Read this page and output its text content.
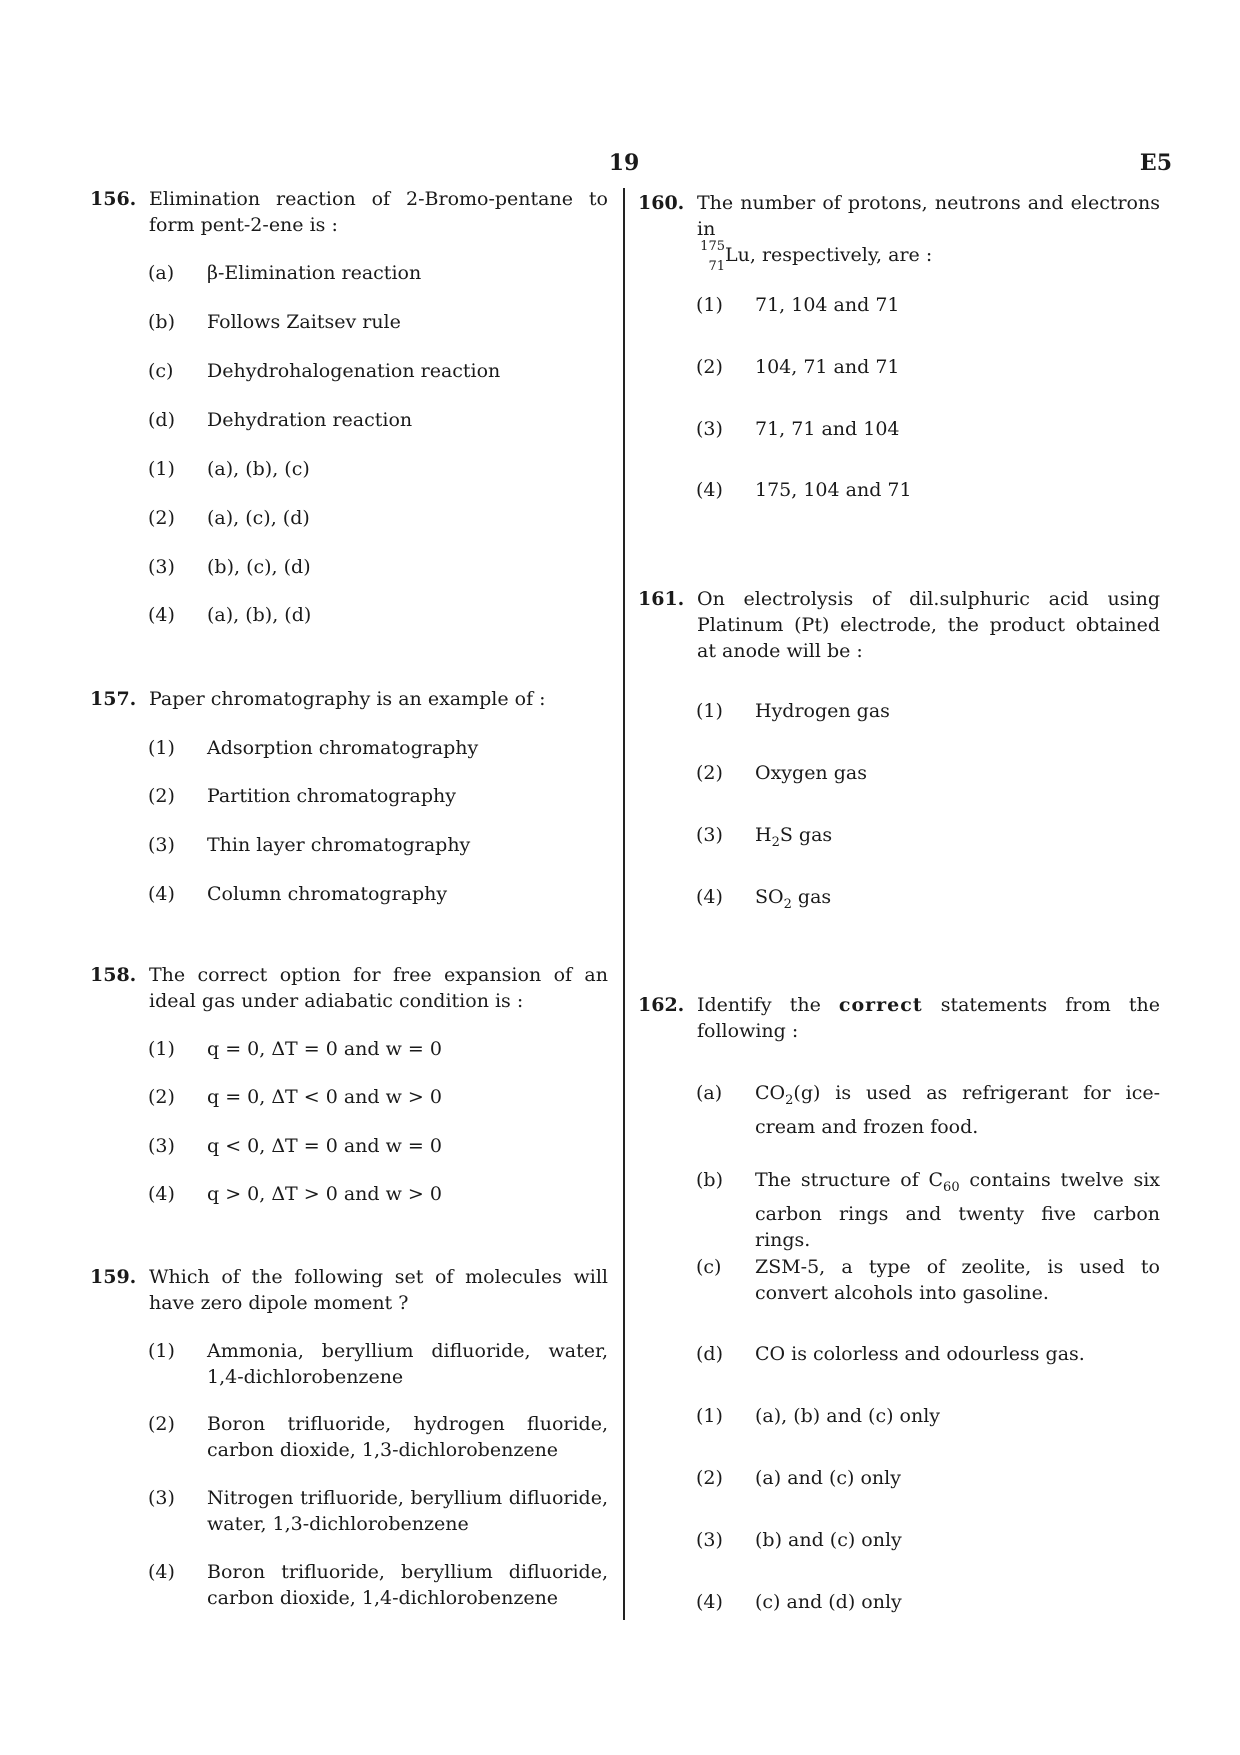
19	E5
156. Elimination reaction of 2-Bromo-pentane to form pent-2-ene is :
(a) β-Elimination reaction
(b) Follows Zaitsev rule
(c) Dehydrohalogenation reaction
(d) Dehydration reaction
(1) (a), (b), (c)
(2) (a), (c), (d)
(3) (b), (c), (d)
(4) (a), (b), (d)
157. Paper chromatography is an example of :
(1) Adsorption chromatography
(2) Partition chromatography
(3) Thin layer chromatography
(4) Column chromatography
158. The correct option for free expansion of an ideal gas under adiabatic condition is :
(1) q = 0, ΔT = 0 and w = 0
(2) q = 0, ΔT < 0 and w > 0
(3) q < 0, ΔT = 0 and w = 0
(4) q > 0, ΔT > 0 and w > 0
159. Which of the following set of molecules will have zero dipole moment ?
(1) Ammonia, beryllium difluoride, water, 1,4-dichlorobenzene
(2) Boron trifluoride, hydrogen fluoride, carbon dioxide, 1,3-dichlorobenzene
(3) Nitrogen trifluoride, beryllium difluoride, water, 1,3-dichlorobenzene
(4) Boron trifluoride, beryllium difluoride, carbon dioxide, 1,4-dichlorobenzene
160. The number of protons, neutrons and electrons in

175
71
Lu, respectively, are :
(1) 71, 104 and 71
(2) 104, 71 and 71
(3) 71, 71 and 104
(4) 175, 104 and 71
161. On electrolysis of dil.sulphuric acid using Platinum (Pt) electrode, the product obtained at anode will be :
(1) Hydrogen gas
(2) Oxygen gas
(3) $H_2S$ gas
(4) $SO_2$ gas
162. Identify the correct statements from the following :
(a) $CO_2(g)$ is used as refrigerant for ice-cream and frozen food.
(b) The structure of $C_{60}$ contains twelve six carbon rings and twenty five carbon rings.
(c) ZSM-5, a type of zeolite, is used to convert alcohols into gasoline.
(d) CO is colorless and odourless gas.
(1) (a), (b) and (c) only
(2) (a) and (c) only
(3) (b) and (c) only
(4) (c) and (d) only
